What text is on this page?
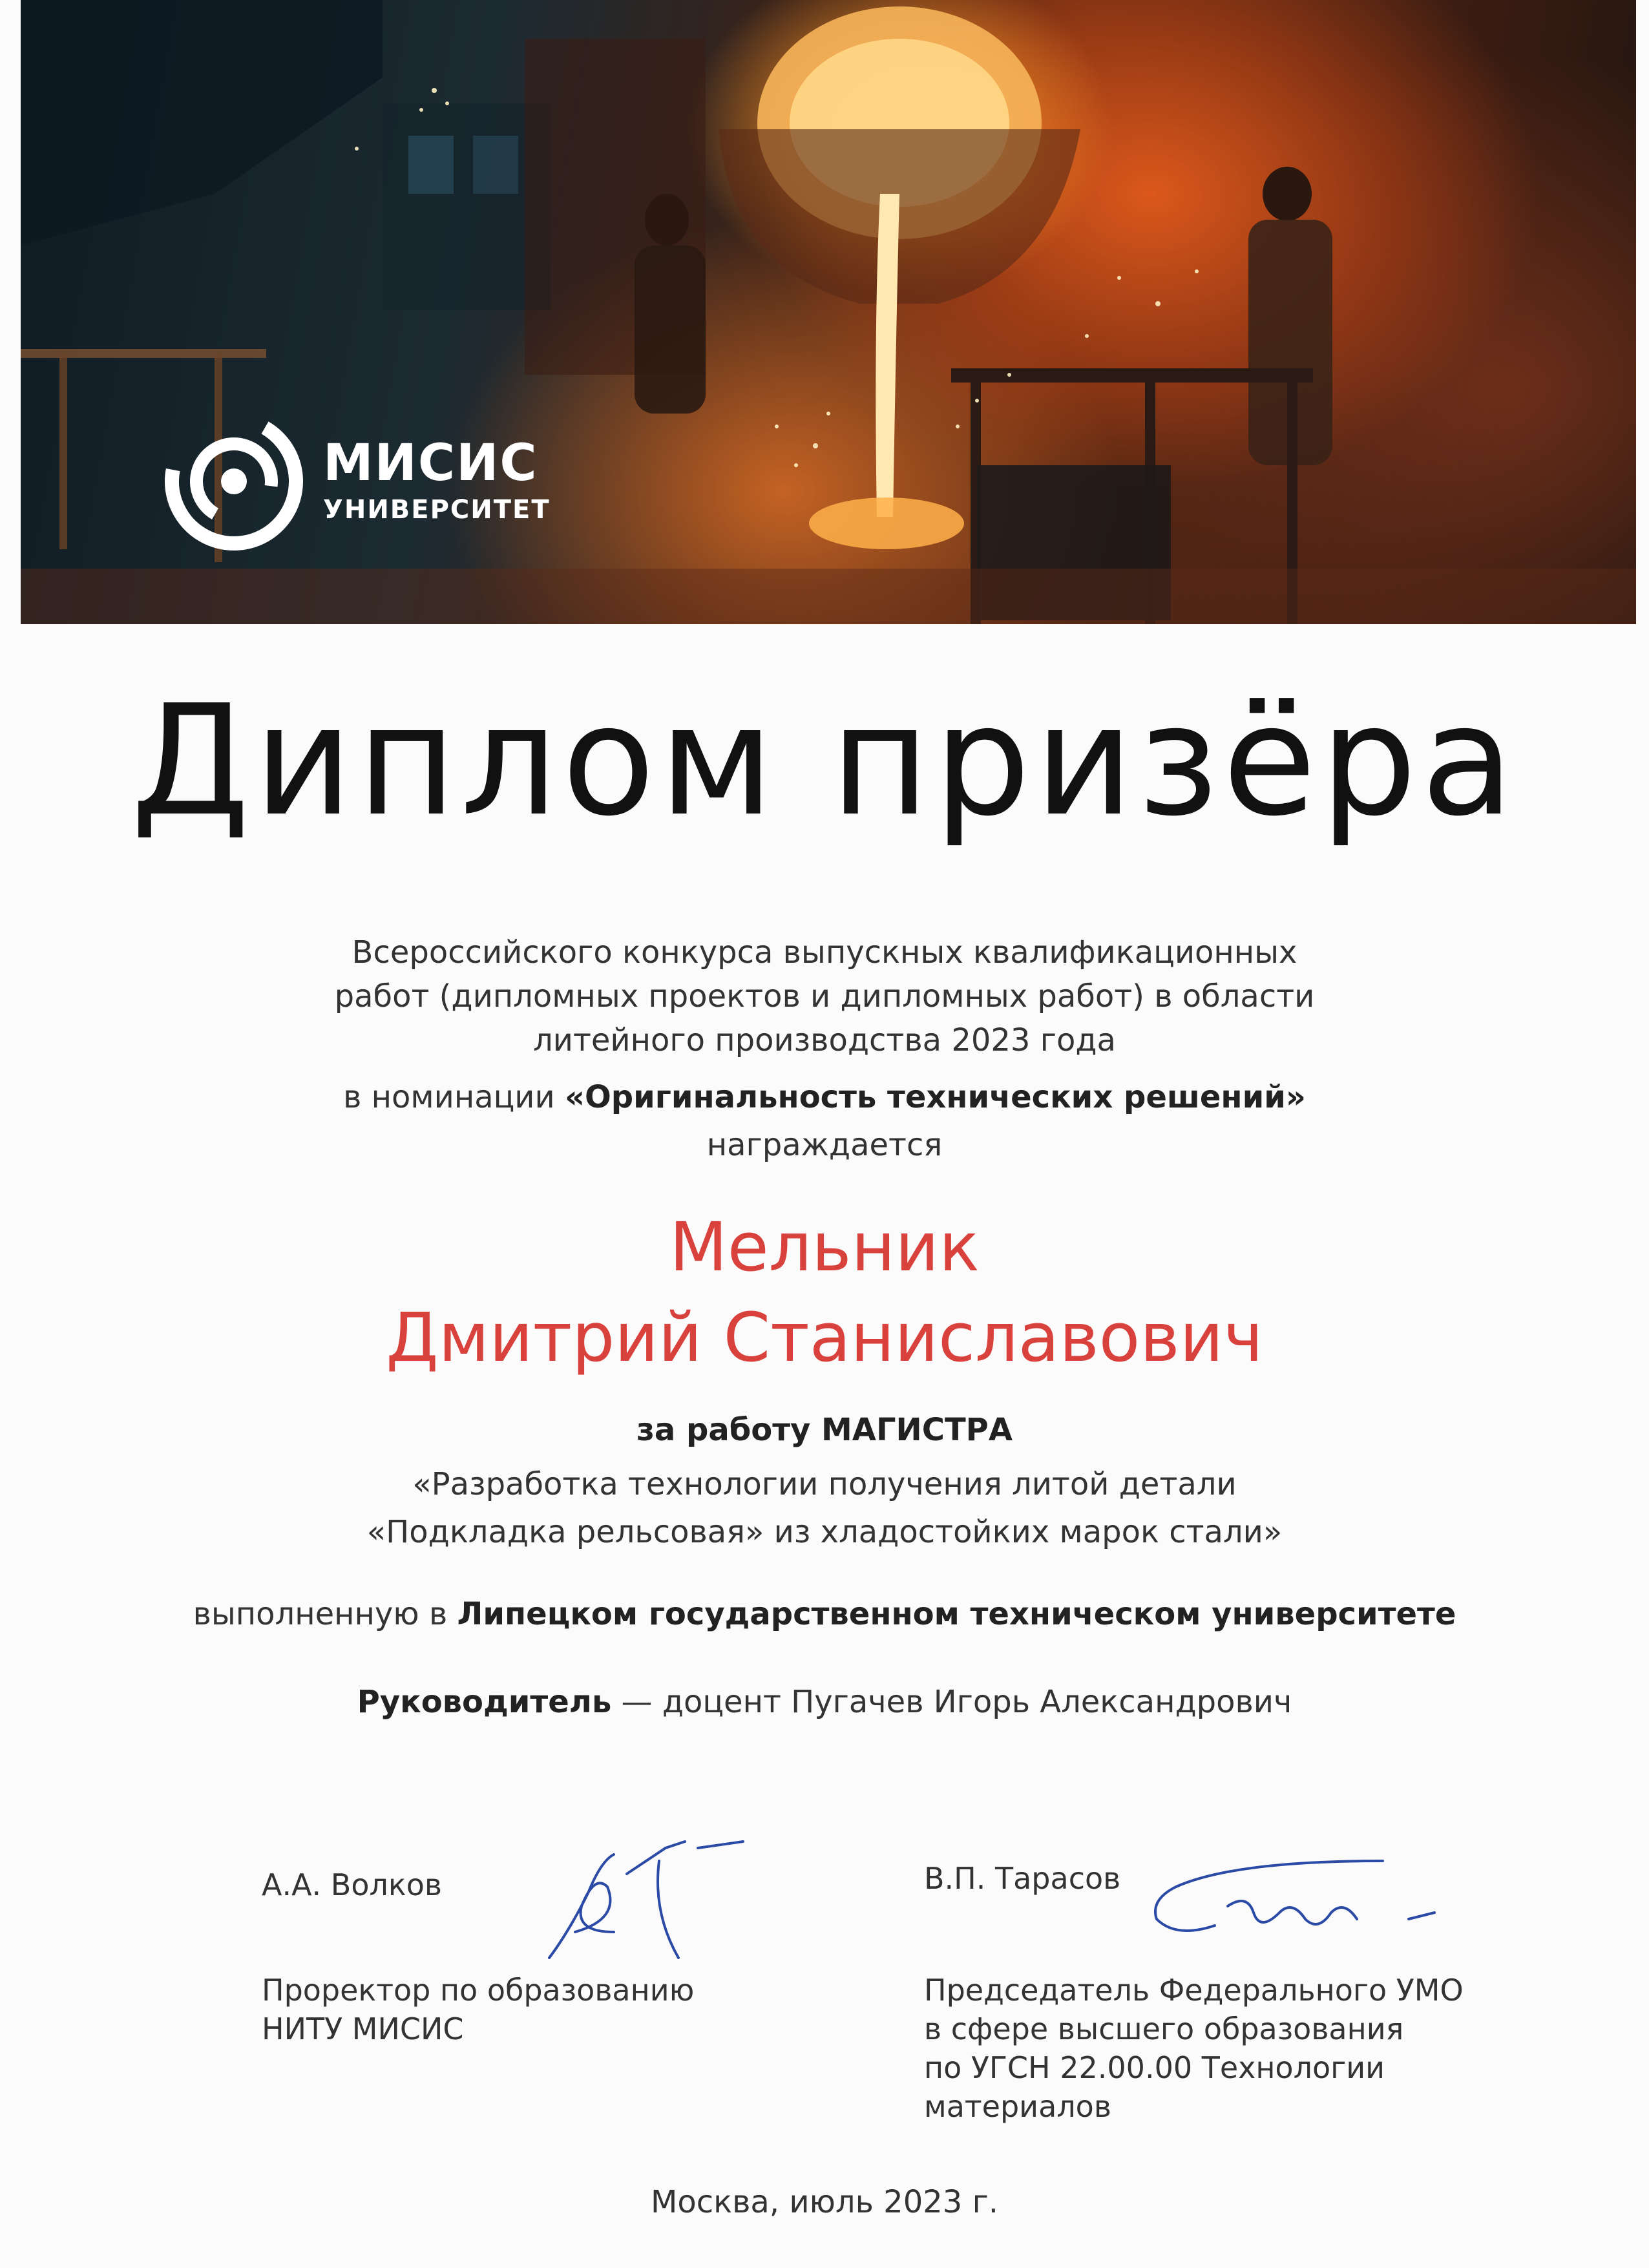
МИСИС
УНИВЕРСИТЕТ
Диплом призёра
Всероссийского конкурса выпускных квалификационных
работ (дипломных проектов и дипломных работ) в области
литейного производства 2023 года
в номинации «Оригинальность технических решений»
награждается
Мельник
Дмитрий Станиславович
за работу МАГИСТРА
«Разработка технологии получения литой детали
«Подкладка рельсовая» из хладостойких марок стали»
выполненную в Липецком государственном техническом университете
Руководитель — доцент Пугачев Игорь Александрович
А.А. Волков
Проректор по образованию
НИТУ МИСИС
В.П. Тарасов
Председатель Федерального УМО
в сфере высшего образования
по УГСН 22.00.00 Технологии
материалов
Москва, июль 2023 г.
